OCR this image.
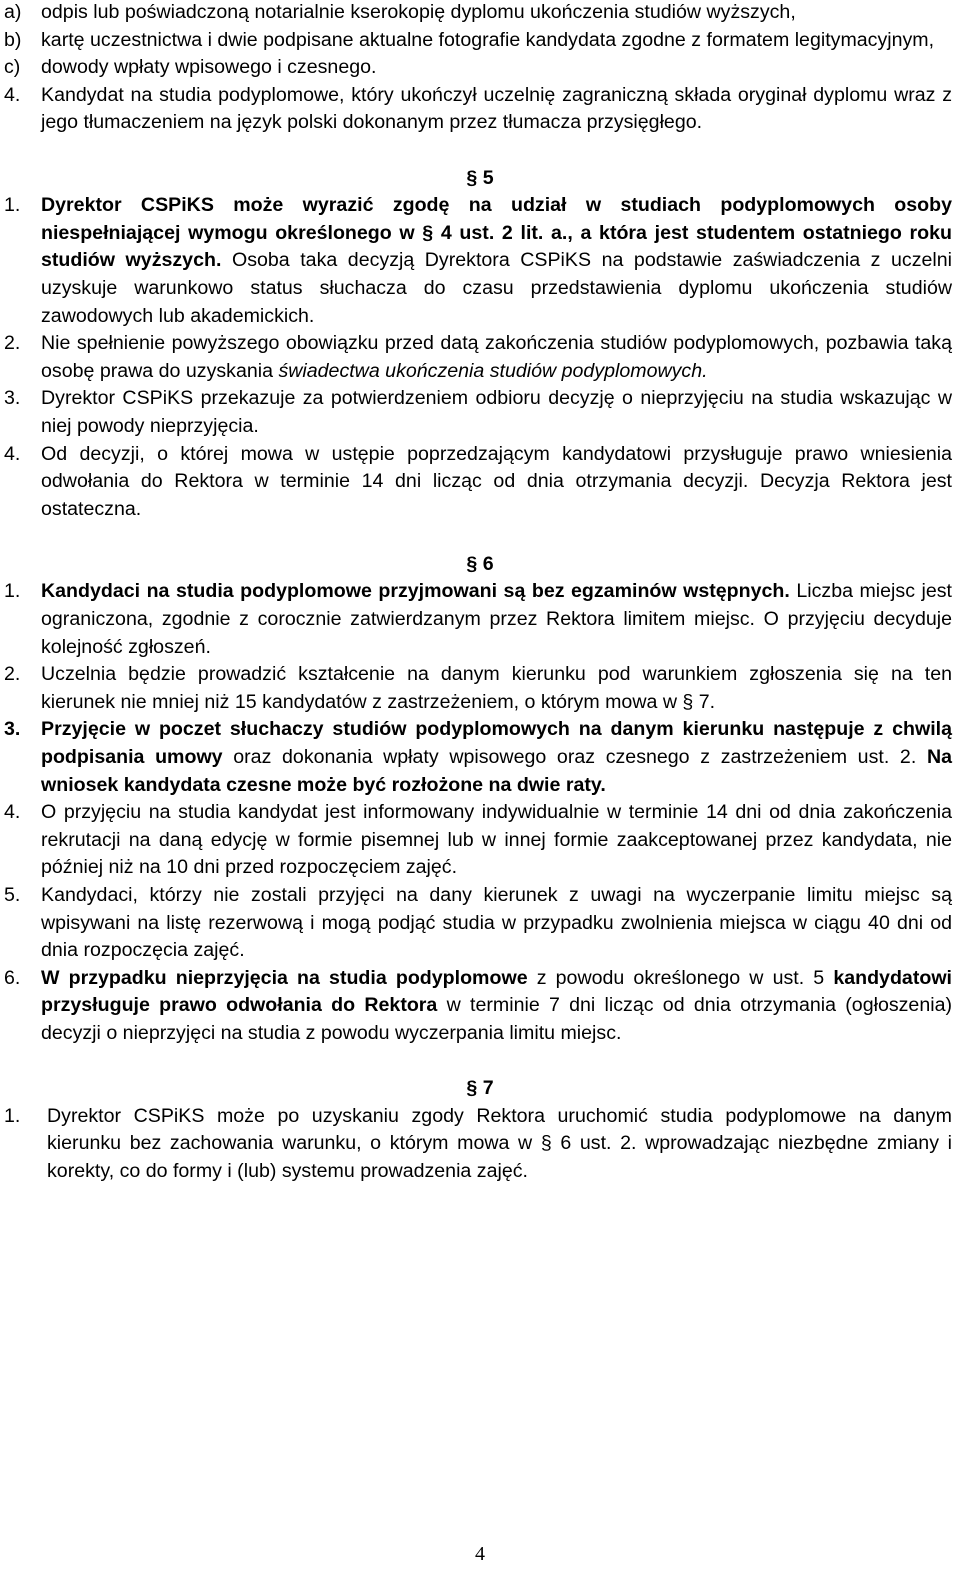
a) odpis lub poświadczoną notarialnie kserokopię dyplomu ukończenia studiów wyższych,

b) kartę uczestnictwa i dwie podpisane aktualne fotografie kandydata zgodne z formatem legitymacyjnym,

c) dowody wpłaty wpisowego i czesnego.

4. Kandydat na studia podyplomowe, który ukończył uczelnię zagraniczną składa oryginał dyplomu wraz z jego tłumaczeniem na język polski dokonanym przez tłumacza przysięgłego.

§ 5

1. Dyrektor CSPiKS może wyrazić zgodę na udział w studiach podyplomowych osoby niespełniającej wymogu określonego w § 4 ust. 2 lit. a., a która jest studentem ostatniego roku studiów wyższych. Osoba taka decyzją Dyrektora CSPiKS na podstawie zaświadczenia z uczelni uzyskuje warunkowo status słuchacza do czasu przedstawienia dyplomu ukończenia studiów zawodowych lub akademickich.

2. Nie spełnienie powyższego obowiązku przed datą zakończenia studiów podyplomowych, pozbawia taką osobę prawa do uzyskania świadectwa ukończenia studiów podyplomowych.

3. Dyrektor CSPiKS przekazuje za potwierdzeniem odbioru decyzję o nieprzyjęciu na studia wskazując w niej powody nieprzyjęcia.

4. Od decyzji, o której mowa w ustępie poprzedzającym kandydatowi przysługuje prawo wniesienia odwołania do Rektora w terminie 14 dni licząc od dnia otrzymania decyzji. Decyzja Rektora jest ostateczna.

§ 6

1. Kandydaci na studia podyplomowe przyjmowani są bez egzaminów wstępnych. Liczba miejsc jest ograniczona, zgodnie z corocznie zatwierdzanym przez Rektora limitem miejsc. O przyjęciu decyduje kolejność zgłoszeń.

2. Uczelnia będzie prowadzić kształcenie na danym kierunku pod warunkiem zgłoszenia się na ten kierunek nie mniej niż 15 kandydatów z zastrzeżeniem, o którym mowa w § 7.

3. Przyjęcie w poczet słuchaczy studiów podyplomowych na danym kierunku następuje z chwilą podpisania umowy oraz dokonania wpłaty wpisowego oraz czesnego z zastrzeżeniem ust. 2. Na wniosek kandydata czesne może być rozłożone na dwie raty.

4. O przyjęciu na studia kandydat jest informowany indywidualnie w terminie 14 dni od dnia zakończenia rekrutacji na daną edycję w formie pisemnej lub w innej formie zaakceptowanej przez kandydata, nie później niż na 10 dni przed rozpoczęciem zajęć.

5. Kandydaci, którzy nie zostali przyjęci na dany kierunek z uwagi na wyczerpanie limitu miejsc są wpisywani na listę rezerwową i mogą podjąć studia w przypadku zwolnienia miejsca w ciągu 40 dni od dnia rozpoczęcia zajęć.

6. W przypadku nieprzyjęcia na studia podyplomowe z powodu określonego w ust. 5 kandydatowi przysługuje prawo odwołania do Rektora w terminie 7 dni licząc od dnia otrzymania (ogłoszenia) decyzji o nieprzyjęci na studia z powodu wyczerpania limitu miejsc.

§ 7

1. Dyrektor CSPiKS może po uzyskaniu zgody Rektora uruchomić studia podyplomowe na danym kierunku bez zachowania warunku, o którym mowa w § 6 ust. 2. wprowadzając niezbędne zmiany i korekty, co do formy i (lub) systemu prowadzenia zajęć.

4
